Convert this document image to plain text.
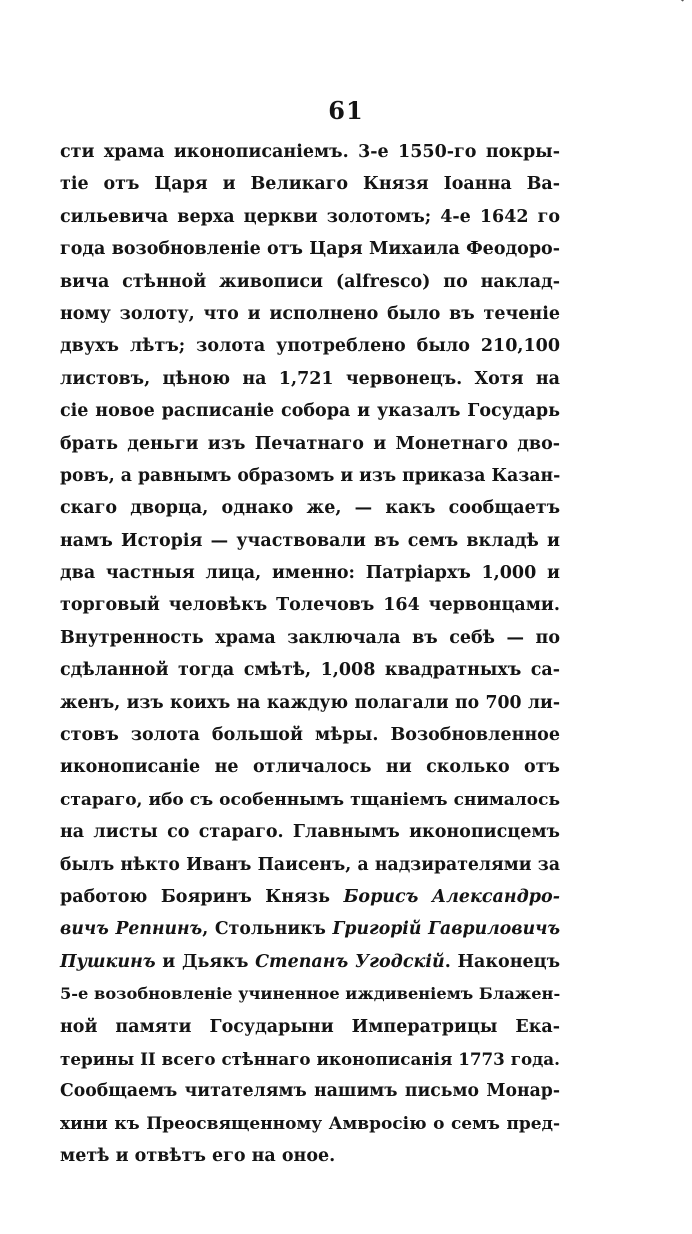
61
сти храма иконописаніемъ. 3-е 1550-го покры-
тіе отъ Царя и Великаго Князя Іоанна Ва-
сильевича верха церкви золотомъ; 4-е 1642 го
года возобновленіе отъ Царя Михаила Феодоро-
вича стѣнной живописи (alfresco) по наклад-
ному золоту, что и исполнено было въ теченіе
двухъ лѣтъ; золота употреблено было 210,100
листовъ, цѣною на 1,721 червонецъ. Хотя на
сіе новое расписаніе собора и указалъ Государь
брать деньги изъ Печатнаго и Монетнаго дво-
ровъ, а равнымъ образомъ и изъ приказа Казан-
скаго дворца, однако же, — какъ сообщаетъ
намъ Исторія — участвовали въ семъ вкладѣ и
два частныя лица, именно: Патріархъ 1,000 и
торговый человѣкъ Толечовъ 164 червонцами.
Внутренность храма заключала въ себѣ — по
сдѣланной тогда смѣтѣ, 1,008 квадратныхъ са-
женъ, изъ коихъ на каждую полагали по 700 ли-
стовъ золота большой мѣры. Возобновленное
иконописаніе не отличалось ни сколько отъ
стараго, ибо съ особеннымъ тщаніемъ снималось
на листы со стараго. Главнымъ иконописцемъ
былъ нѣкто Иванъ Паисенъ, а надзирателями за
работою Бояринъ Князь Борисъ Александро-
вичъ Репнинъ, Стольникъ Григорій Гавриловичъ
Пушкинъ и Дьякъ Степанъ Угодскій. Наконецъ
5-е возобновленіе учиненное иждивеніемъ Блажен-
ной памяти Государыни Императрицы Ека-
терины II всего стѣннаго иконописанія 1773 года.
Сообщаемъ читателямъ нашимъ письмо Монар-
хини къ Преосвященному Амвросію о семъ пред-
метѣ и отвѣтъ его на оное.
